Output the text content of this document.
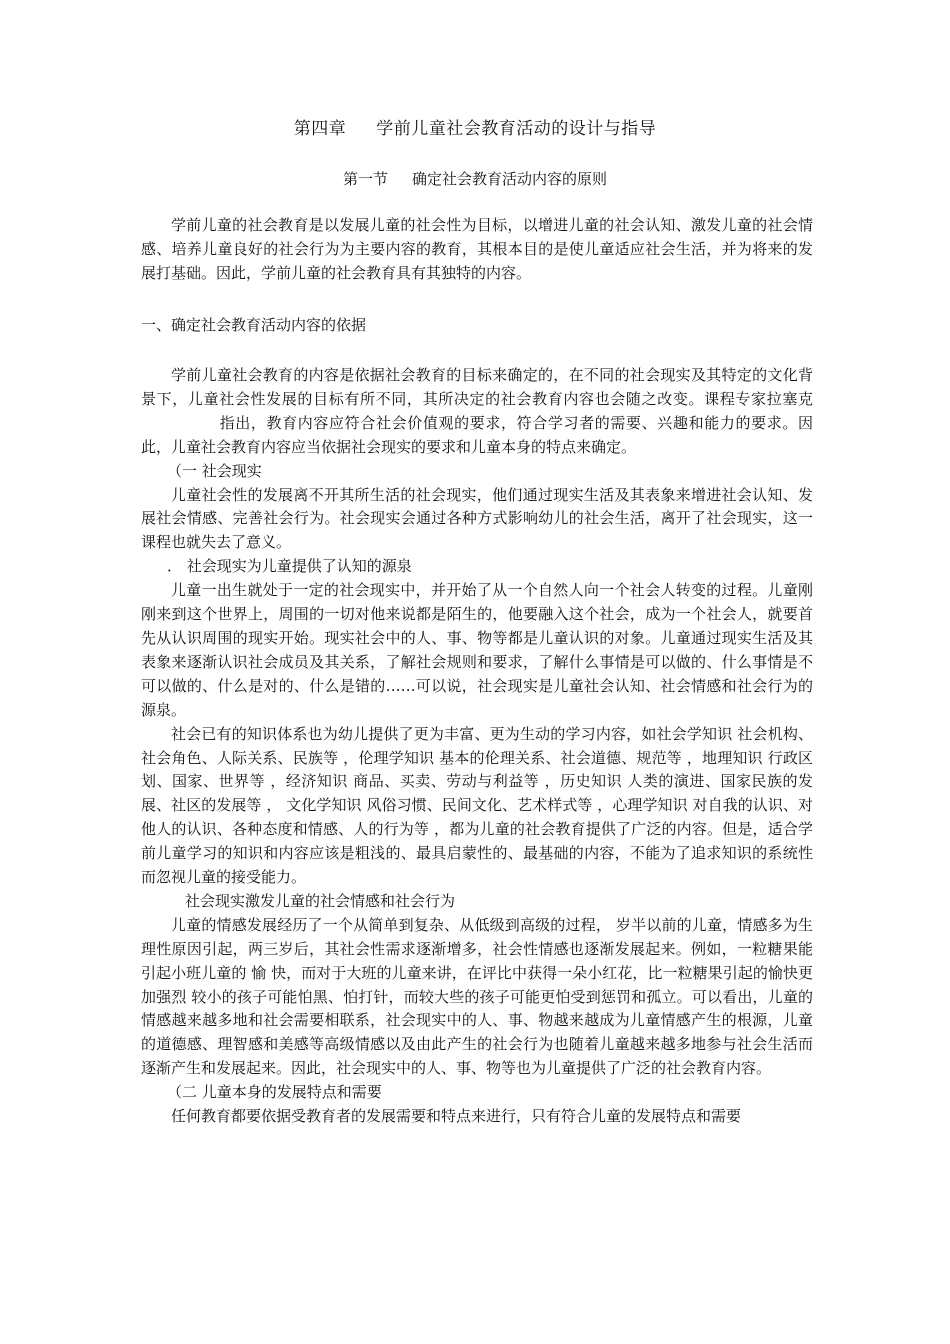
第四章 学前儿童社会教育活动的设计与指导
第一节 确定社会教育活动内容的原则

学前儿童的社会教育是以发展儿童的社会性为目标，以增进儿童的社会认知、激发儿童的社会情感、培养儿童良好的社会行为为主要内容的教育，其根本目的是使儿童适应社会生活，并为将来的发展打基础。因此，学前儿童的社会教育具有其独特的内容。

一、确定社会教育活动内容的依据

学前儿童社会教育的内容是依据社会教育的目标来确定的，在不同的社会现实及其特定的文化背景下，儿童社会性发展的目标有所不同，其所决定的社会教育内容也会随之改变。课程专家拉塞克指出，教育内容应符合社会价值观的要求，符合学习者的需要、兴趣和能力的要求。因此，儿童社会教育内容应当依据社会现实的要求和儿童本身的特点来确定。

（一 社会现实

儿童社会性的发展离不开其所生活的社会现实，他们通过现实生活及其表象来增进社会认知、发展社会情感、完善社会行为。社会现实会通过各种方式影响幼儿的社会生活，离开了社会现实，这一课程也就失去了意义。

． 社会现实为儿童提供了认知的源泉

儿童一出生就处于一定的社会现实中，并开始了从一个自然人向一个社会人转变的过程。儿童刚刚来到这个世界上，周围的一切对他来说都是陌生的，他要融入这个社会，成为一个社会人，就要首先从认识周围的现实开始。现实社会中的人、事、物等都是儿童认识的对象。儿童通过现实生活及其表象来逐渐认识社会成员及其关系，了解社会规则和要求，了解什么事情是可以做的、什么事情是不可以做的、什么是对的、什么是错的……可以说，社会现实是儿童社会认知、社会情感和社会行为的源泉。

社会已有的知识体系也为幼儿提供了更为丰富、更为生动的学习内容，如社会学知识 社会机构、社会角色、人际关系、民族等 ，伦理学知识 基本的伦理关系、社会道德、规范等 ，地理知识 行政区划、国家、世界等 ，经济知识 商品、买卖、劳动与利益等 ，历史知识 人类的演进、国家民族的发展、社区的发展等 ， 文化学知识 风俗习惯、民间文化、艺术样式等 ，心理学知识 对自我的认识、对他人的认识、各种态度和情感、人的行为等 ，都为儿童的社会教育提供了广泛的内容。但是，适合学前儿童学习的知识和内容应该是粗浅的、最具启蒙性的、最基础的内容，不能为了追求知识的系统性而忽视儿童的接受能力。

社会现实激发儿童的社会情感和社会行为

儿童的情感发展经历了一个从简单到复杂、从低级到高级的过程， 岁半以前的儿童，情感多为生理性原因引起，两三岁后，其社会性需求逐渐增多，社会性情感也逐渐发展起来。例如，一粒糖果能引起小班儿童的 愉 快，而对于大班的儿童来讲，在评比中获得一朵小红花，比一粒糖果引起的愉快更加强烈 较小的孩子可能怕黑、怕打针，而较大些的孩子可能更怕受到惩罚和孤立。可以看出，儿童的情感越来越多地和社会需要相联系，社会现实中的人、事、物越来越成为儿童情感产生的根源，儿童的道德感、理智感和美感等高级情感以及由此产生的社会行为也随着儿童越来越多地参与社会生活而逐渐产生和发展起来。因此，社会现实中的人、事、物等也为儿童提供了广泛的社会教育内容。

（二 儿童本身的发展特点和需要

任何教育都要依据受教育者的发展需要和特点来进行，只有符合儿童的发展特点和需要
